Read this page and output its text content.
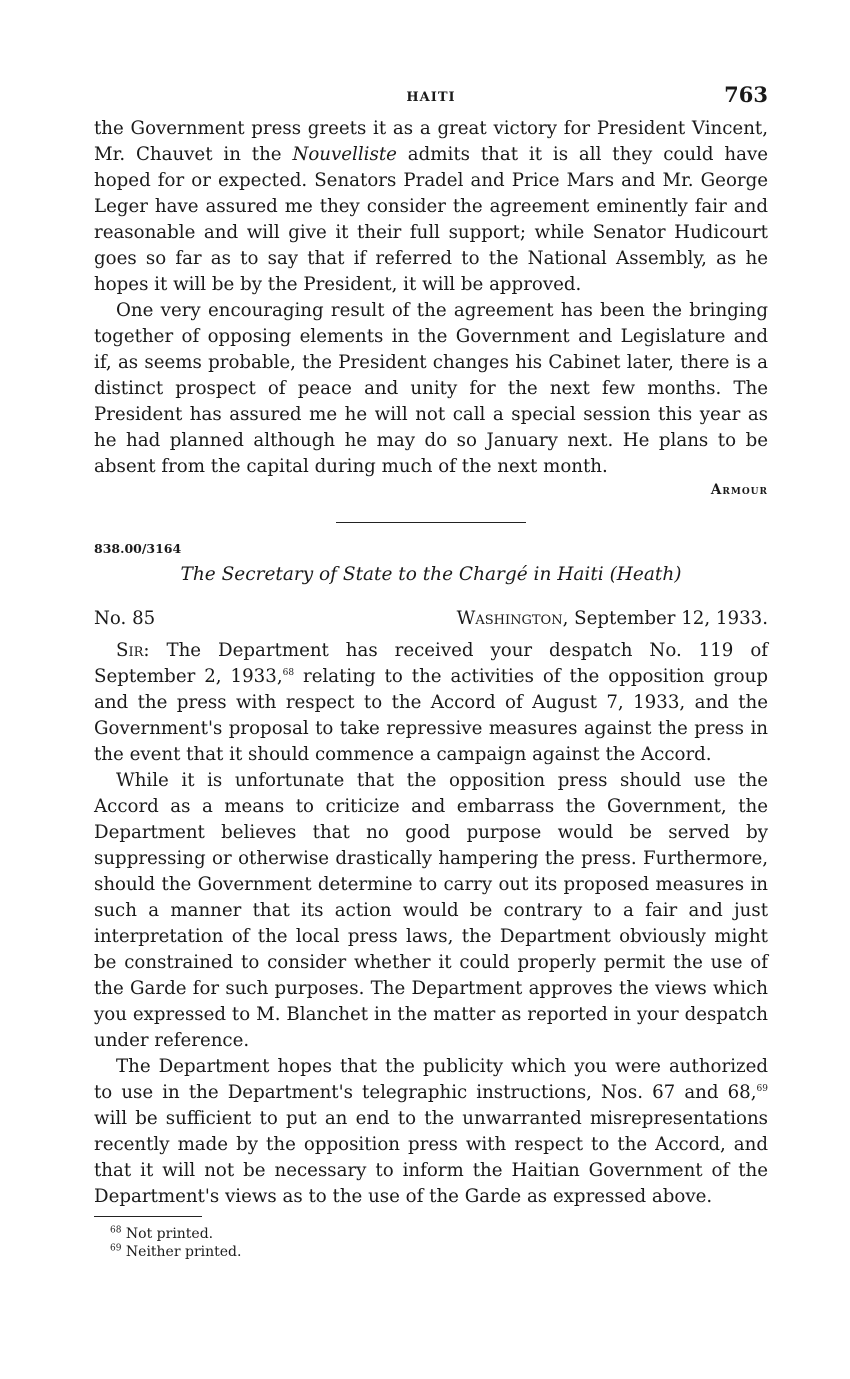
HAITI	763

the Government press greets it as a great victory for President Vincent, Mr. Chauvet in the Nouvelliste admits that it is all they could have hoped for or expected. Senators Pradel and Price Mars and Mr. George Leger have assured me they consider the agreement eminently fair and reasonable and will give it their full support; while Senator Hudicourt goes so far as to say that if referred to the National Assembly, as he hopes it will be by the President, it will be approved.

One very encouraging result of the agreement has been the bringing together of opposing elements in the Government and Legislature and if, as seems probable, the President changes his Cabinet later, there is a distinct prospect of peace and unity for the next few months. The President has assured me he will not call a special session this year as he had planned although he may do so January next. He plans to be absent from the capital during much of the next month.

Armour
838.00/3164
The Secretary of State to the Chargé in Haiti (Heath)
No. 85	Washington, September 12, 1933.

Sir: The Department has received your despatch No. 119 of September 2, 1933,68 relating to the activities of the opposition group and the press with respect to the Accord of August 7, 1933, and the Government's proposal to take repressive measures against the press in the event that it should commence a campaign against the Accord.

While it is unfortunate that the opposition press should use the Accord as a means to criticize and embarrass the Government, the Department believes that no good purpose would be served by suppressing or otherwise drastically hampering the press. Furthermore, should the Government determine to carry out its proposed measures in such a manner that its action would be contrary to a fair and just interpretation of the local press laws, the Department obviously might be constrained to consider whether it could properly permit the use of the Garde for such purposes. The Department approves the views which you expressed to M. Blanchet in the matter as reported in your despatch under reference.

The Department hopes that the publicity which you were authorized to use in the Department's telegraphic instructions, Nos. 67 and 68,69 will be sufficient to put an end to the unwarranted misrepresentations recently made by the opposition press with respect to the Accord, and that it will not be necessary to inform the Haitian Government of the Department's views as to the use of the Garde as expressed above.

$^{68}$ Not printed.
$^{69}$ Neither printed.
